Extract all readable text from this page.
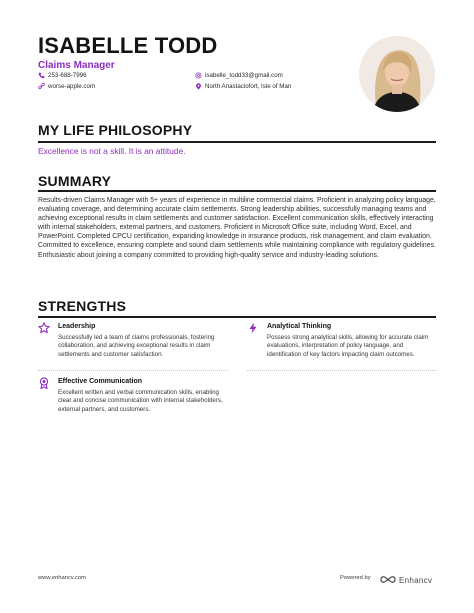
ISABELLE TODD
Claims Manager
253-688-7996
worse-apple.com
isabelle_todd33@gmail.com
North Anastaciofort, Isle of Man
MY LIFE PHILOSOPHY
Excellence is not a skill. It is an attitude.
SUMMARY
Results-driven Claims Manager with 5+ years of experience in multiline commercial claims. Proficient in analyzing policy language, evaluating coverage, and determining accurate claim settlements. Strong leadership abilities, successfully managing teams and achieving exceptional results in claim settlements and customer satisfaction. Excellent communication skills, effectively interacting with internal stakeholders, external partners, and customers. Proficient in Microsoft Office suite, including Word, Excel, and PowerPoint. Completed CPCU certification, expanding knowledge in insurance products, risk management, and claim evaluation. Committed to excellence, ensuring complete and sound claim settlements while maintaining compliance with regulatory guidelines. Enthusiastic about joining a company committed to providing high-quality service and industry-leading solutions.
STRENGTHS
Leadership
Successfully led a team of claims professionals, fostering collaboration, and achieving exceptional results in claim settlements and customer satisfaction.
Analytical Thinking
Possess strong analytical skills, allowing for accurate claim evaluations, interpretation of policy language, and identification of key factors impacting claim outcomes.
Effective Communication
Excellent written and verbal communication skills, enabling clear and concise communication with internal stakeholders, external partners, and customers.
www.enhancv.com	Powered by	Enhancv
